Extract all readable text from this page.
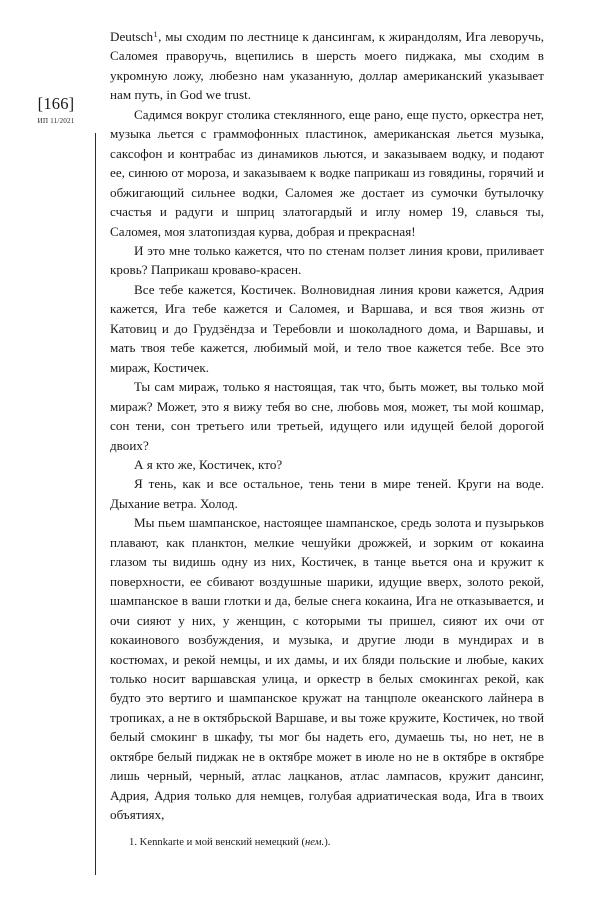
[166]
ИП 11/2021

Deutsch$^1$, мы сходим по лестнице к дансингам, к жирандолям, Ига леворучь, Саломея праворучь, вцепились в шерсть моего пиджака, мы сходим в укромную ложу, любезно нам указанную, доллар американский указывает нам путь, in God we trust.

Садимся вокруг столика стеклянного, еще рано, еще пусто, оркестра нет, музыка льется с граммофонных пластинок, американская льется музыка, саксофон и контрабас из динамиков льются, и заказываем водку, и подают ее, синюю от мороза, и заказываем к водке паприкаш из говядины, горячий и обжигающий сильнее водки, Саломея же достает из сумочки бутылочку счастья и радуги и шприц златогардый и иглу номер 19, славься ты, Саломея, моя златопиздая курва, добрая и прекрасная!

И это мне только кажется, что по стенам ползет линия крови, приливает кровь? Паприкаш кроваво-красен.

Все тебе кажется, Костичек. Волновидная линия крови кажется, Адрия кажется, Ига тебе кажется и Саломея, и Варшава, и вся твоя жизнь от Катовиц и до Грудзёндза и Теребовли и шоколадного дома, и Варшавы, и мать твоя тебе кажется, любимый мой, и тело твое кажется тебе. Все это мираж, Костичек.

Ты сам мираж, только я настоящая, так что, быть может, вы только мой мираж? Может, это я вижу тебя во сне, любовь моя, может, ты мой кошмар, сон тени, сон третьего или третьей, идущего или идущей белой дорогой двоих?

А я кто же, Костичек, кто?

Я тень, как и все остальное, тень тени в мире теней. Круги на воде. Дыхание ветра. Холод.

Мы пьем шампанское, настоящее шампанское, средь золота и пузырьков плавают, как планктон, мелкие чешуйки дрожжей, и зорким от кокаина глазом ты видишь одну из них, Костичек, в танце вьется она и кружит к поверхности, ее сбивают воздушные шарики, идущие вверх, золото рекой, шампанское в ваши глотки и да, белые снега кокаина, Ига не отказывается, и очи сияют у них, у женщин, с которыми ты пришел, сияют их очи от кокаинового возбуждения, и музыка, и другие люди в мундирах и в костюмах, и рекой немцы, и их дамы, и их бляди польские и любые, каких только носит варшавская улица, и оркестр в белых смокингах рекой, как будто это вертиго и шампанское кружат на танцполе океанского лайнера в тропиках, а не в октябрьской Варшаве, и вы тоже кружите, Костичек, но твой белый смокинг в шкафу, ты мог бы надеть его, думаешь ты, но нет, не в октябре белый пиджак не в октябре может в июле но не в октябре в октябре лишь черный, черный, атлас лацканов, атлас лампасов, кружит дансинг, Адрия, Адрия только для немцев, голубая адриатическая вода, Ига в твоих объятиях,

1. Kennkarte и мой венский немецкий (нем.).
